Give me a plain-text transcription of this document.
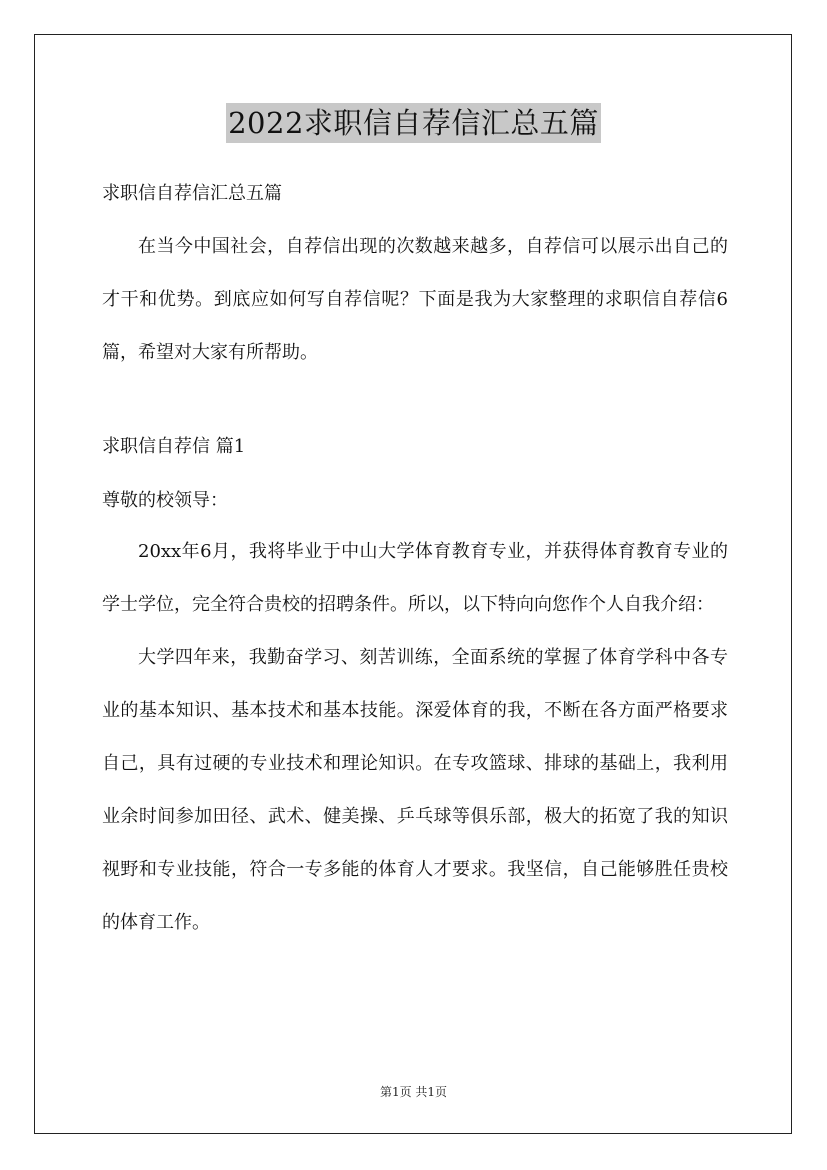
2022求职信自荐信汇总五篇

求职信自荐信汇总五篇

在当今中国社会，自荐信出现的次数越来越多，自荐信可以展示出自己的才干和优势。到底应如何写自荐信呢？下面是我为大家整理的求职信自荐信6篇，希望对大家有所帮助。

求职信自荐信 篇1

尊敬的校领导：

20xx年6月，我将毕业于中山大学体育教育专业，并获得体育教育专业的学士学位，完全符合贵校的招聘条件。所以，以下特向向您作个人自我介绍：

大学四年来，我勤奋学习、刻苦训练，全面系统的掌握了体育学科中各专业的基本知识、基本技术和基本技能。深爱体育的我，不断在各方面严格要求自己，具有过硬的专业技术和理论知识。在专攻篮球、排球的基础上，我利用业余时间参加田径、武术、健美操、乒乓球等俱乐部，极大的拓宽了我的知识视野和专业技能，符合一专多能的体育人才要求。我坚信，自己能够胜任贵校的体育工作。

第1页 共1页
